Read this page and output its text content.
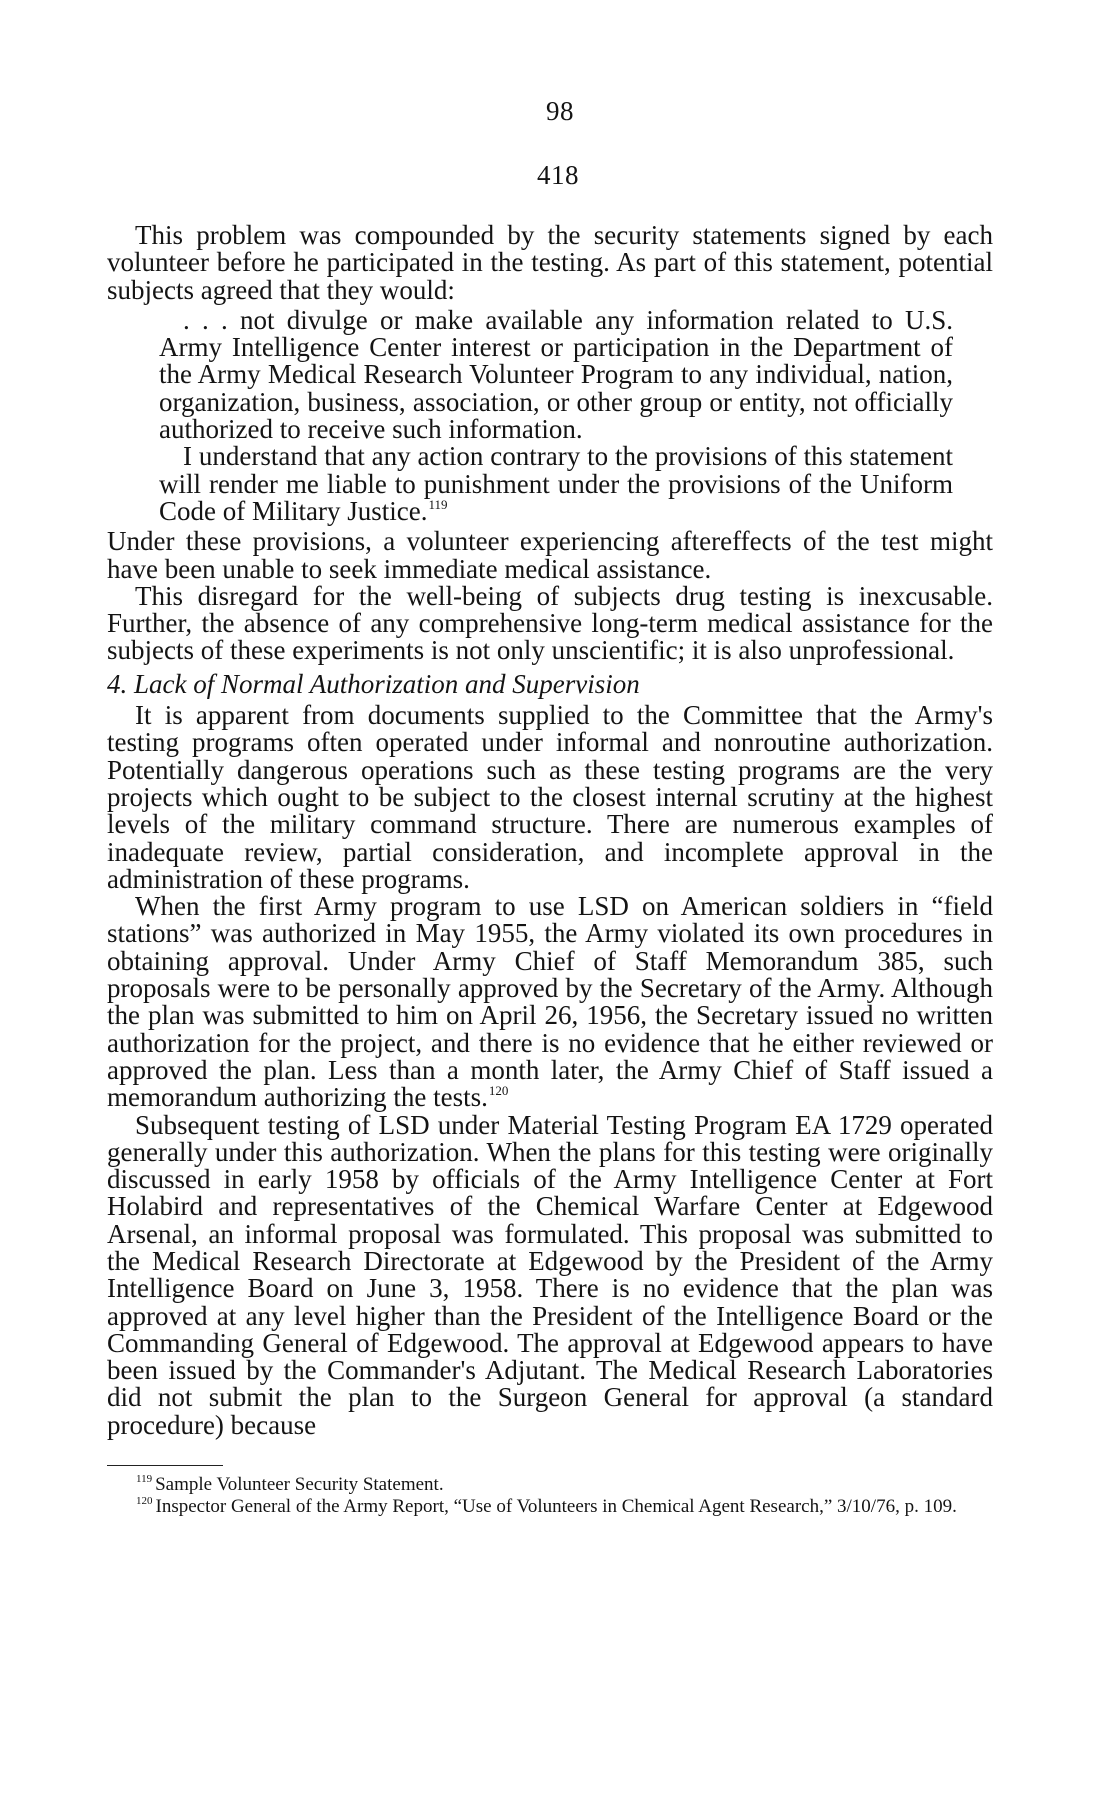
98
418

This problem was compounded by the security statements signed by each volunteer before he participated in the testing. As part of this statement, potential subjects agreed that they would:

. . . not divulge or make available any information related to U.S. Army Intelligence Center interest or participation in the Department of the Army Medical Research Volunteer Program to any individual, nation, organization, business, association, or other group or entity, not officially authorized to receive such information.

I understand that any action contrary to the provisions of this statement will render me liable to punishment under the provisions of the Uniform Code of Military Justice.$^{119}$

Under these provisions, a volunteer experiencing aftereffects of the test might have been unable to seek immediate medical assistance.

This disregard for the well-being of subjects drug testing is inexcusable. Further, the absence of any comprehensive long-term medical assistance for the subjects of these experiments is not only unscientific; it is also unprofessional.

4. Lack of Normal Authorization and Supervision

It is apparent from documents supplied to the Committee that the Army's testing programs often operated under informal and nonroutine authorization. Potentially dangerous operations such as these testing programs are the very projects which ought to be subject to the closest internal scrutiny at the highest levels of the military command structure. There are numerous examples of inadequate review, partial consideration, and incomplete approval in the administration of these programs.

When the first Army program to use LSD on American soldiers in “field stations” was authorized in May 1955, the Army violated its own procedures in obtaining approval. Under Army Chief of Staff Memorandum 385, such proposals were to be personally approved by the Secretary of the Army. Although the plan was submitted to him on April 26, 1956, the Secretary issued no written authorization for the project, and there is no evidence that he either reviewed or approved the plan. Less than a month later, the Army Chief of Staff issued a memorandum authorizing the tests.$^{120}$

Subsequent testing of LSD under Material Testing Program EA 1729 operated generally under this authorization. When the plans for this testing were originally discussed in early 1958 by officials of the Army Intelligence Center at Fort Holabird and representatives of the Chemical Warfare Center at Edgewood Arsenal, an informal proposal was formulated. This proposal was submitted to the Medical Research Directorate at Edgewood by the President of the Army Intelligence Board on June 3, 1958. There is no evidence that the plan was approved at any level higher than the President of the Intelligence Board or the Commanding General of Edgewood. The approval at Edgewood appears to have been issued by the Commander's Adjutant. The Medical Research Laboratories did not submit the plan to the Surgeon General for approval (a standard procedure) because

$^{119}$ Sample Volunteer Security Statement.

$^{120}$ Inspector General of the Army Report, “Use of Volunteers in Chemical Agent Research,” 3/10/76, p. 109.
